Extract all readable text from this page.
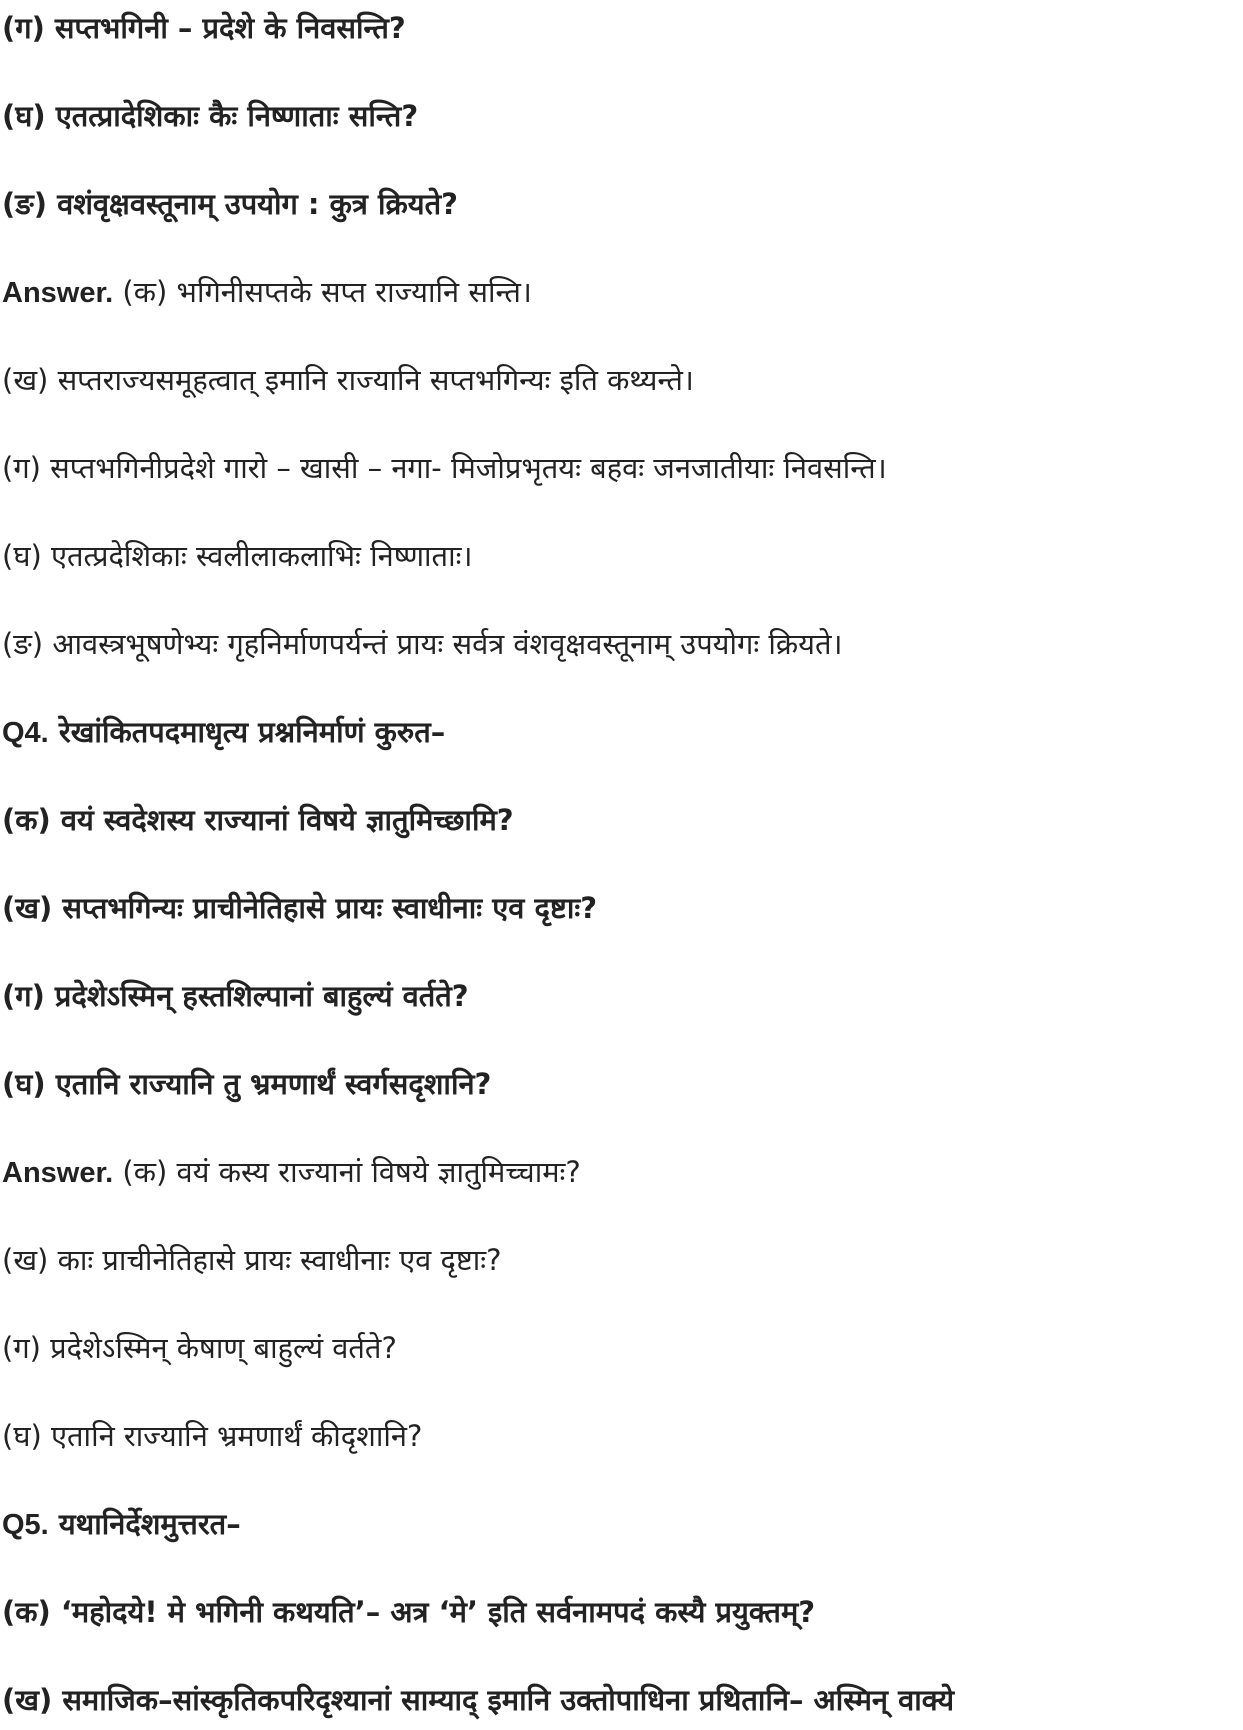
(ग) सप्तभगिनी – प्रदेशे के निवसन्ति?
(घ) एतत्प्रादेशिकाः कैः निष्णाताः सन्ति?
(ङ) वशंवृक्षवस्तूनाम् उपयोग : कुत्र क्रियते?
Answer. (क) भगिनीसप्तके सप्त राज्यानि सन्ति।
(ख) सप्तराज्यसमूहत्वात् इमानि राज्यानि सप्तभगिन्यः इति कथ्यन्ते।
(ग) सप्तभगिनीप्रदेशे गारो – खासी – नगा- मिजोप्रभृतयः बहवः जनजातीयाः निवसन्ति।
(घ) एतत्प्रदेशिकाः स्वलीलाकलाभिः निष्णाताः।
(ङ) आवस्त्रभूषणेभ्यः गृहनिर्माणपर्यन्तं प्रायः सर्वत्र वंशवृक्षवस्तूनाम् उपयोगः क्रियते।
Q4. रेखांकितपदमाधृत्य प्रश्ननिर्माणं कुरुत–
(क) वयं स्वदेशस्य राज्यानां विषये ज्ञातुमिच्छामि?
(ख) सप्तभगिन्यः प्राचीनेतिहासे प्रायः स्वाधीनाः एव दृष्टाः?
(ग) प्रदेशेऽस्मिन् हस्तशिल्पानां बाहुल्यं वर्तते?
(घ) एतानि राज्यानि तु भ्रमणार्थं स्वर्गसदृशानि?
Answer. (क) वयं कस्य राज्यानां विषये ज्ञातुमिच्चामः?
(ख) काः प्राचीनेतिहासे प्रायः स्वाधीनाः एव दृष्टाः?
(ग) प्रदेशेऽस्मिन् केषाण् बाहुल्यं वर्तते?
(घ) एतानि राज्यानि भ्रमणार्थं कीदृशानि?
Q5. यथानिर्देशमुत्तरत–
(क) ‘महोदये! मे भगिनी कथयति’– अत्र ‘मे’ इति सर्वनामपदं कस्यै प्रयुक्तम्?
(ख) समाजिक–सांस्कृतिकपरिदृश्यानां साम्याद् इमानि उक्तोपाधिना प्रथितानि– अस्मिन् वाक्ये
